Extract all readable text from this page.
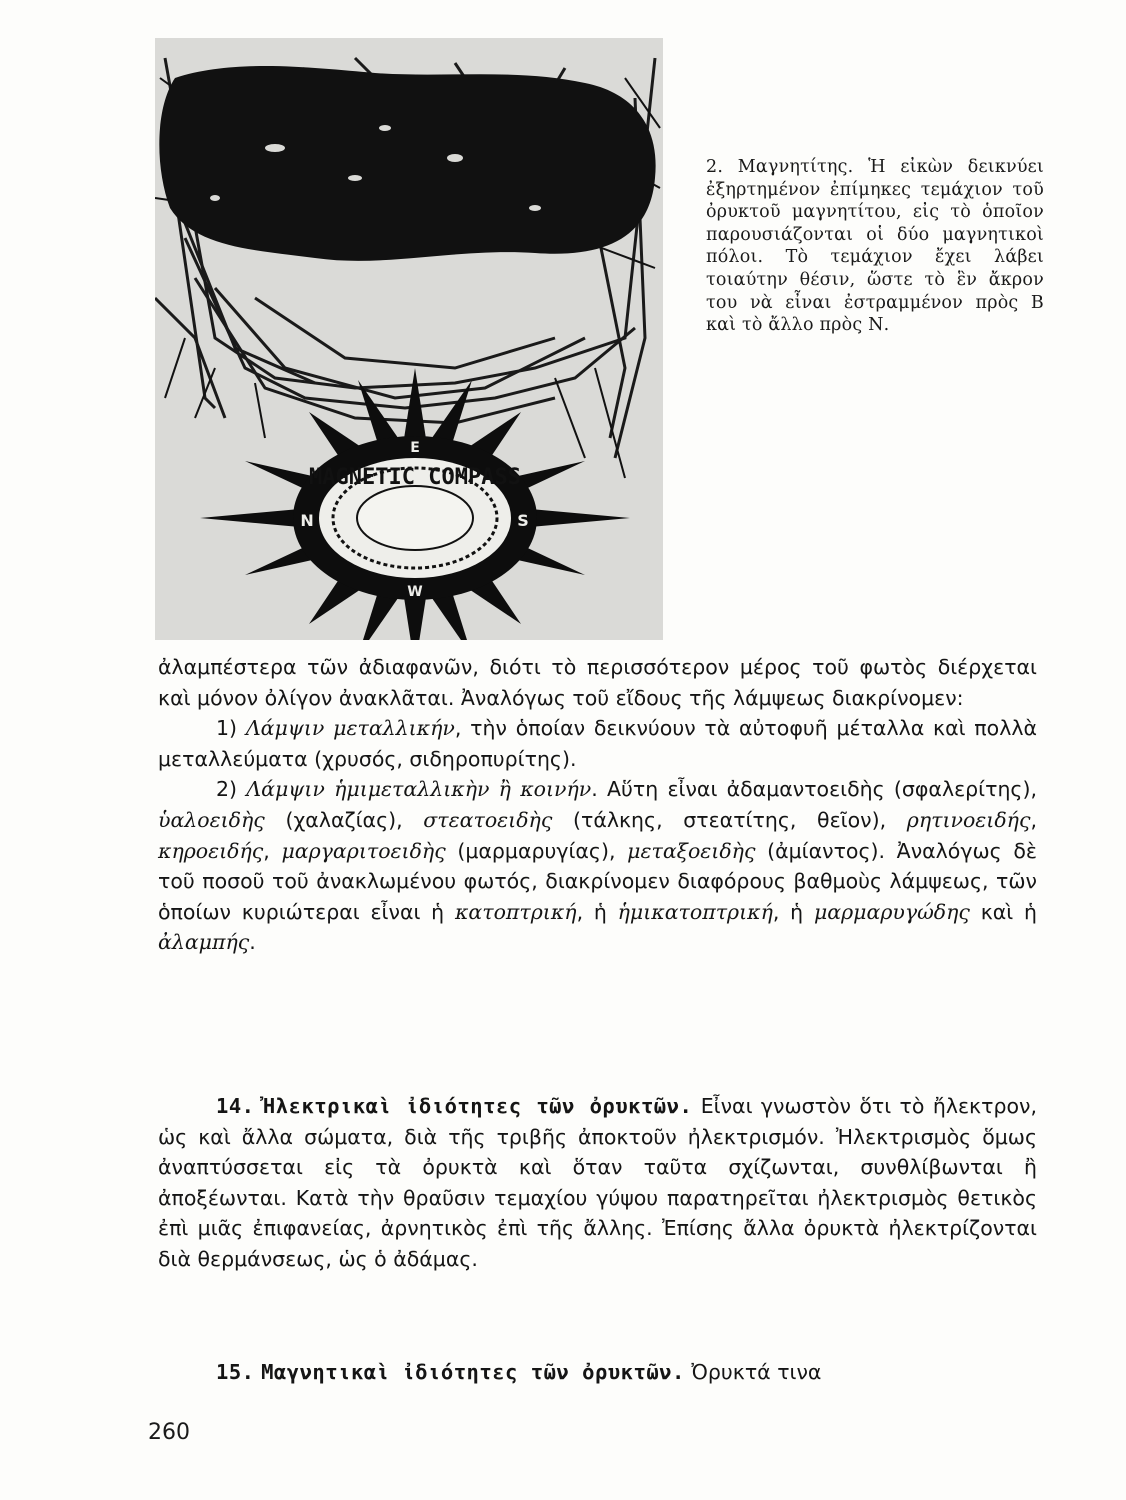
MAGNETIC COMPASS
N	S
E
W
2. Μαγνητίτης. Ἡ εἰκὼν δεικνύει ἐξηρτημένον ἐπίμηκες τεμάχιον τοῦ ὀρυκτοῦ μαγνητίτου, εἰς τὸ ὁποῖον παρουσιάζονται οἱ δύο μαγνητικοὶ πόλοι. Τὸ τεμάχιον ἔχει λάβει τοιαύτην θέσιν, ὥστε τὸ ἓν ἄκρον του νὰ εἶναι ἐστραμμένον πρὸς Β καὶ τὸ ἄλλο πρὸς Ν.

ἀλαμπέστερα τῶν ἀδιαφανῶν, διότι τὸ περισσότερον μέρος τοῦ φωτὸς διέρχεται καὶ μόνον ὀλίγον ἀνακλᾶται. Ἀναλόγως τοῦ εἴδους τῆς λάμψεως διακρίνομεν:

1) Λάμψιν μεταλλικήν, τὴν ὁποίαν δεικνύουν τὰ αὐτοφυῆ μέταλλα καὶ πολλὰ μεταλλεύματα (χρυσός, σιδηροπυρίτης).

2) Λάμψιν ἡμιμεταλλικὴν ἢ κοινήν. Αὕτη εἶναι ἀδαμαντοειδὴς (σφαλερίτης), ὑαλοειδὴς (χαλαζίας), στεατοειδὴς (τάλκης, στεατίτης, θεῖον), ρητινοειδής, κηροειδής, μαργαριτοειδὴς (μαρμαρυγίας), μεταξοειδὴς (ἀμίαντος). Ἀναλόγως δὲ τοῦ ποσοῦ τοῦ ἀνακλωμένου φωτός, διακρίνομεν διαφόρους βαθμοὺς λάμψεως, τῶν ὁποίων κυριώτεραι εἶναι ἡ κατοπτρική, ἡ ἡμικατοπτρική, ἡ μαρμαρυγώδης καὶ ἡ ἀλαμπής.

14. Ἠλεκτρικαὶ ἰδιότητες τῶν ὀρυκτῶν. Εἶναι γνωστὸν ὅτι τὸ ἤλεκτρον, ὡς καὶ ἄλλα σώματα, διὰ τῆς τριβῆς ἀποκτοῦν ἠλεκτρισμόν. Ἠλεκτρισμὸς ὅμως ἀναπτύσσεται εἰς τὰ ὀρυκτὰ καὶ ὅταν ταῦτα σχίζωνται, συνθλίβωνται ἢ ἀποξέωνται. Κατὰ τὴν θραῦσιν τεμαχίου γύψου παρατηρεῖται ἠλεκτρισμὸς θετικὸς ἐπὶ μιᾶς ἐπιφανείας, ἀρνητικὸς ἐπὶ τῆς ἄλλης. Ἐπίσης ἄλλα ὀρυκτὰ ἠλεκτρίζονται διὰ θερμάνσεως, ὡς ὁ ἀδάμας.

15. Μαγνητικαὶ ἰδιότητες τῶν ὀρυκτῶν. Ὀρυκτά τινα

260
